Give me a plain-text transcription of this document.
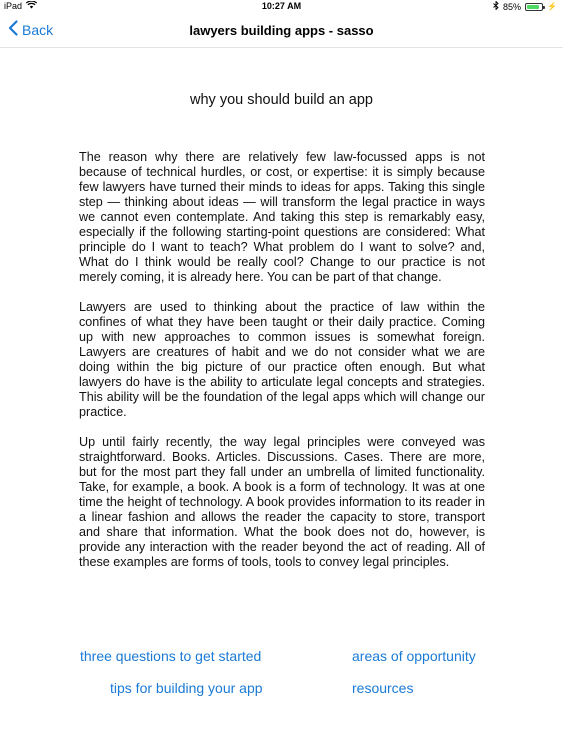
iPad	10:27 AM	85%	⚡
Back	lawyers building apps - sasso
why you should build an app

The reason why there are relatively few law-focussed apps is not because of technical hurdles, or cost, or expertise: it is simply because few lawyers have turned their minds to ideas for apps. Taking this single step — thinking about ideas — will transform the legal practice in ways we cannot even contemplate. And taking this step is remarkably easy, especially if the following starting-point questions are considered: What principle do I want to teach? What problem do I want to solve? and, What do I think would be really cool? Change to our practice is not merely coming, it is already here. You can be part of that change.

Lawyers are used to thinking about the practice of law within the confines of what they have been taught or their daily practice. Coming up with new approaches to common issues is somewhat foreign. Lawyers are creatures of habit and we do not consider what we are doing within the big picture of our practice often enough. But what lawyers do have is the ability to articulate legal concepts and strategies. This ability will be the foundation of the legal apps which will change our practice.

Up until fairly recently, the way legal principles were conveyed was straightforward. Books. Articles. Discussions. Cases. There are more, but for the most part they fall under an umbrella of limited functionality. Take, for example, a book. A book is a form of technology. It was at one time the height of technology. A book provides information to its reader in a linear fashion and allows the reader the capacity to store, transport and share that information. What the book does not do, however, is provide any interaction with the reader beyond the act of reading. All of these examples are forms of tools, tools to convey legal principles.

three questions to get started	areas of opportunity
tips for building your app	resources
